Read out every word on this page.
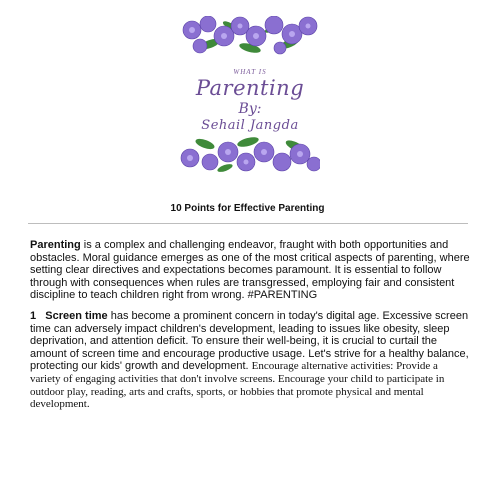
WHAT IS
Parenting
By:
Sehail Jangda
10 Points for Effective Parenting
Parenting is a complex and challenging endeavor, fraught with both opportunities and obstacles. Moral guidance emerges as one of the most critical aspects of parenting, where setting clear directives and expectations becomes paramount. It is essential to follow through with consequences when rules are transgressed, employing fair and consistent discipline to teach children right from wrong. #PARENTING
1 Screen time has become a prominent concern in today's digital age. Excessive screen time can adversely impact children's development, leading to issues like obesity, sleep deprivation, and attention deficit. To ensure their well-being, it is crucial to curtail the amount of screen time and encourage productive usage. Let's strive for a healthy balance, protecting our kids' growth and development. Encourage alternative activities: Provide a variety of engaging activities that don't involve screens. Encourage your child to participate in outdoor play, reading, arts and crafts, sports, or hobbies that promote physical and mental development.
